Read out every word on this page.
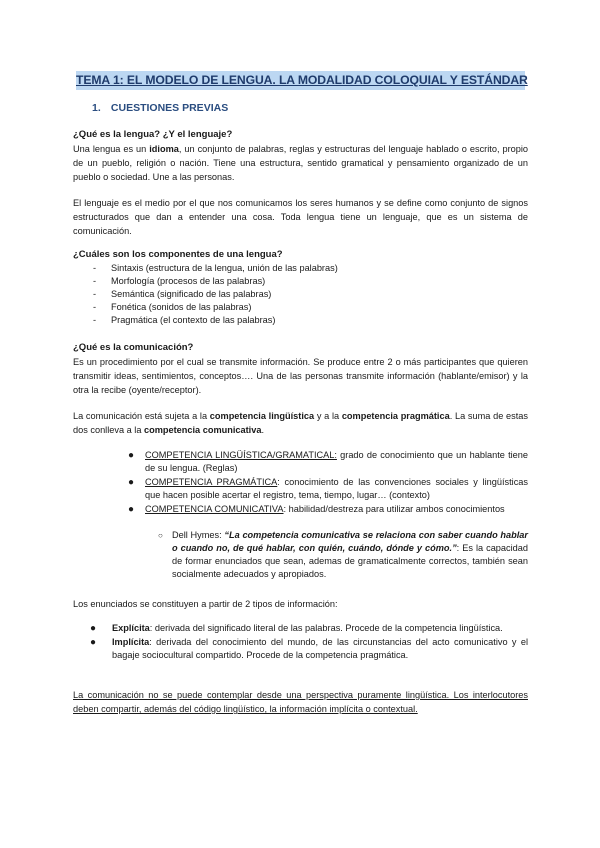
TEMA 1: EL MODELO DE LENGUA. LA MODALIDAD COLOQUIAL Y ESTÁNDAR
1. CUESTIONES PREVIAS
¿Qué es la lengua? ¿Y el lenguaje?
Una lengua es un idioma, un conjunto de palabras, reglas y estructuras del lenguaje hablado o escrito, propio de un pueblo, religión o nación. Tiene una estructura, sentido gramatical y pensamiento organizado de un pueblo o sociedad. Une a las personas.
El lenguaje es el medio por el que nos comunicamos los seres humanos y se define como conjunto de signos estructurados que dan a entender una cosa. Toda lengua tiene un lenguaje, que es un sistema de comunicación.
¿Cuáles son los componentes de una lengua?
- Sintaxis (estructura de la lengua, unión de las palabras)
- Morfología (procesos de las palabras)
- Semántica (significado de las palabras)
- Fonética (sonidos de las palabras)
- Pragmática (el contexto de las palabras)
¿Qué es la comunicación?
Es un procedimiento por el cual se transmite información. Se produce entre 2 o más participantes que quieren transmitir ideas, sentimientos, conceptos…. Una de las personas transmite información (hablante/emisor) y la otra la recibe (oyente/receptor).
La comunicación está sujeta a la competencia lingüística y a la competencia pragmática. La suma de estas dos conlleva a la competencia comunicativa.
● COMPETENCIA LINGÜÍSTICA/GRAMATICAL: grado de conocimiento que un hablante tiene de su lengua. (Reglas)
● COMPETENCIA PRAGMÁTICA: conocimiento de las convenciones sociales y lingüísticas que hacen posible acertar el registro, tema, tiempo, lugar… (contexto)
● COMPETENCIA COMUNICATIVA: habilidad/destreza para utilizar ambos conocimientos
○ Dell Hymes: “La competencia comunicativa se relaciona con saber cuando hablar o cuando no, de qué hablar, con quién, cuándo, dónde y cómo.”: Es la capacidad de formar enunciados que sean, ademas de gramaticalmente correctos, también sean socialmente adecuados y apropiados.
Los enunciados se constituyen a partir de 2 tipos de información:
● Explícita: derivada del significado literal de las palabras. Procede de la competencia lingüística.
● Implícita: derivada del conocimiento del mundo, de las circunstancias del acto comunicativo y el bagaje sociocultural compartido. Procede de la competencia pragmática.
La comunicación no se puede contemplar desde una perspectiva puramente lingüística. Los interlocutores deben compartir, además del código lingüístico, la información implícita o contextual.
